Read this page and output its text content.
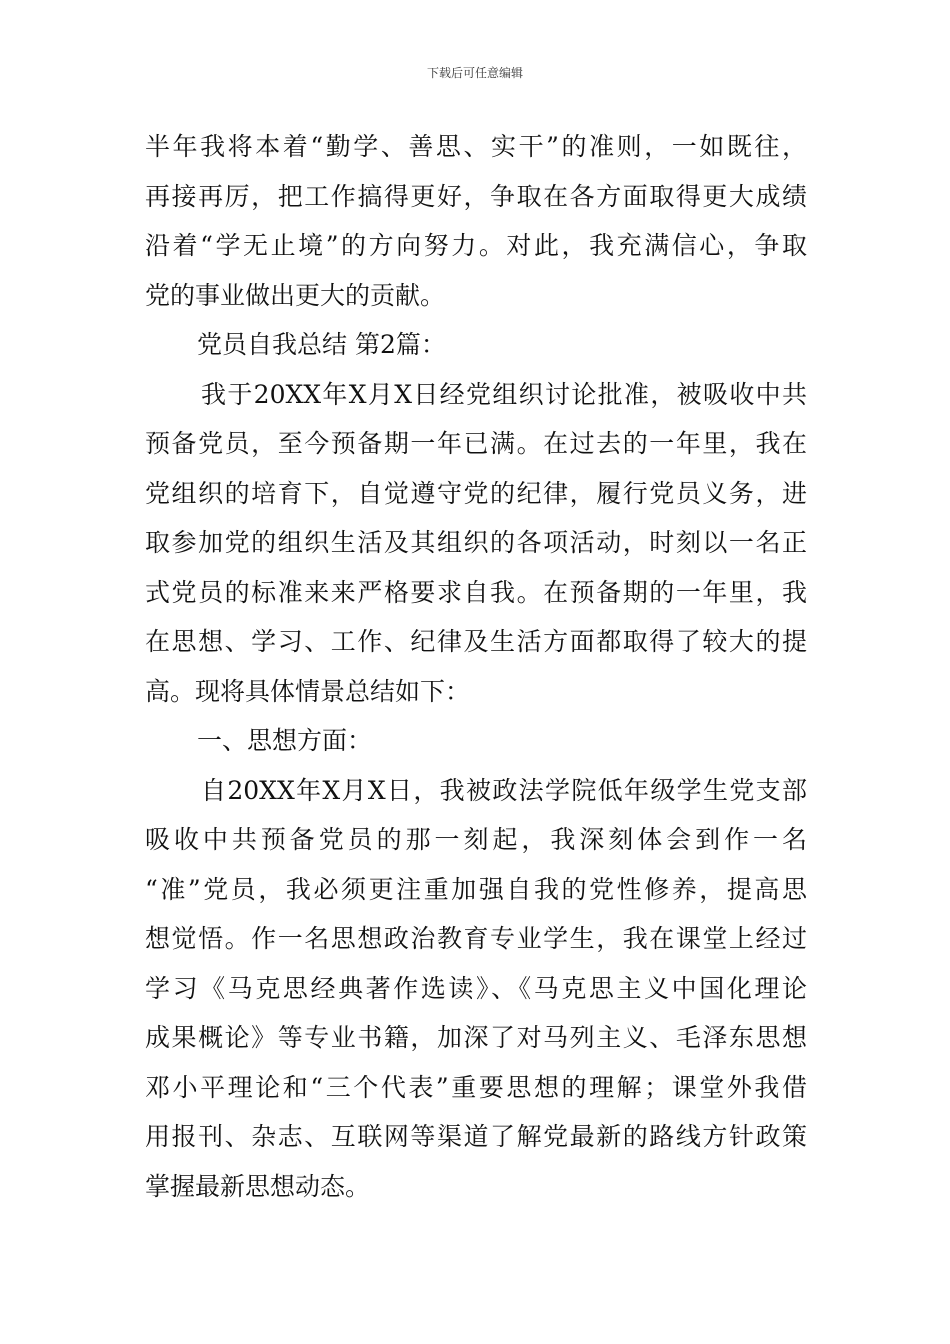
下载后可任意编辑
半年我将本着“勤学、善思、实干”的准则，一如既往，
再接再厉，把工作搞得更好，争取在各方面取得更大成绩
沿着“学无止境”的方向努力。对此，我充满信心，争取
党的事业做出更大的贡献。
党员自我总结 第2篇：
我于20XX年X月X日经党组织讨论批准，被吸收中共
预备党员，至今预备期一年已满。在过去的一年里，我在
党组织的培育下，自觉遵守党的纪律，履行党员义务，进
取参加党的组织生活及其组织的各项活动，时刻以一名正
式党员的标准来来严格要求自我。在预备期的一年里，我
在思想、学习、工作、纪律及生活方面都取得了较大的提
高。现将具体情景总结如下：
一、思想方面：
自20XX年X月X日，我被政法学院低年级学生党支部
吸收中共预备党员的那一刻起，我深刻体会到作一名
“准”党员，我必须更注重加强自我的党性修养，提高思
想觉悟。作一名思想政治教育专业学生，我在课堂上经过
学习《马克思经典著作选读》、《马克思主义中国化理论
成果概论》等专业书籍，加深了对马列主义、毛泽东思想
邓小平理论和“三个代表”重要思想的理解；课堂外我借
用报刊、杂志、互联网等渠道了解党最新的路线方针政策
掌握最新思想动态。
